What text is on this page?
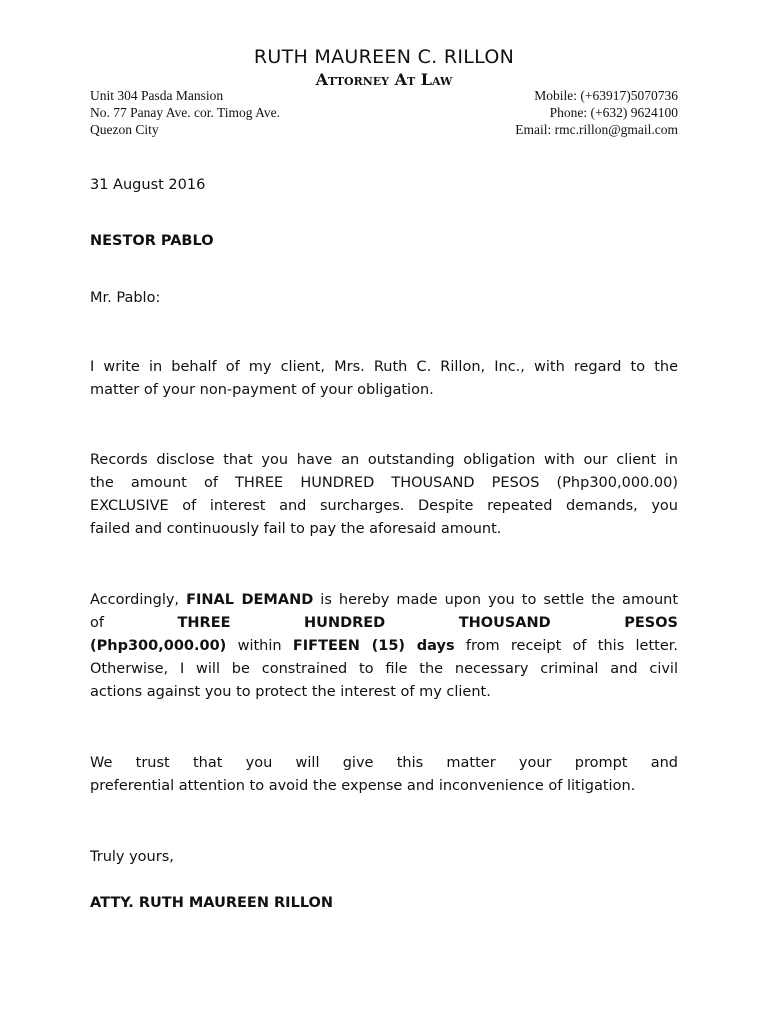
RUTH MAUREEN C. RILLON
Attorney At Law
Unit 304 Pasda Mansion
No. 77 Panay Ave. cor. Timog Ave.
Quezon City
Mobile: (+63917)5070736
Phone: (+632) 9624100
Email: rmc.rillon@gmail.com
31 August 2016
NESTOR PABLO
Mr. Pablo:
I write in behalf of my client, Mrs. Ruth C. Rillon, Inc., with regard to the
matter of your non-payment of your obligation.
Records disclose that you have an outstanding obligation with our client in
the amount of THREE HUNDRED THOUSAND PESOS (Php300,000.00)
EXCLUSIVE of interest and surcharges. Despite repeated demands, you
failed and continuously fail to pay the aforesaid amount.
Accordingly, FINAL DEMAND is hereby made upon you to settle the amount
of	THREE	HUNDRED	THOUSAND	PESOS
(Php300,000.00) within FIFTEEN (15) days from receipt of this letter.
Otherwise, I will be constrained to file the necessary criminal and civil
actions against you to protect the interest of my client.
We trust that you will give this matter your prompt and
preferential attention to avoid the expense and inconvenience of litigation.
Truly yours,
ATTY. RUTH MAUREEN RILLON
